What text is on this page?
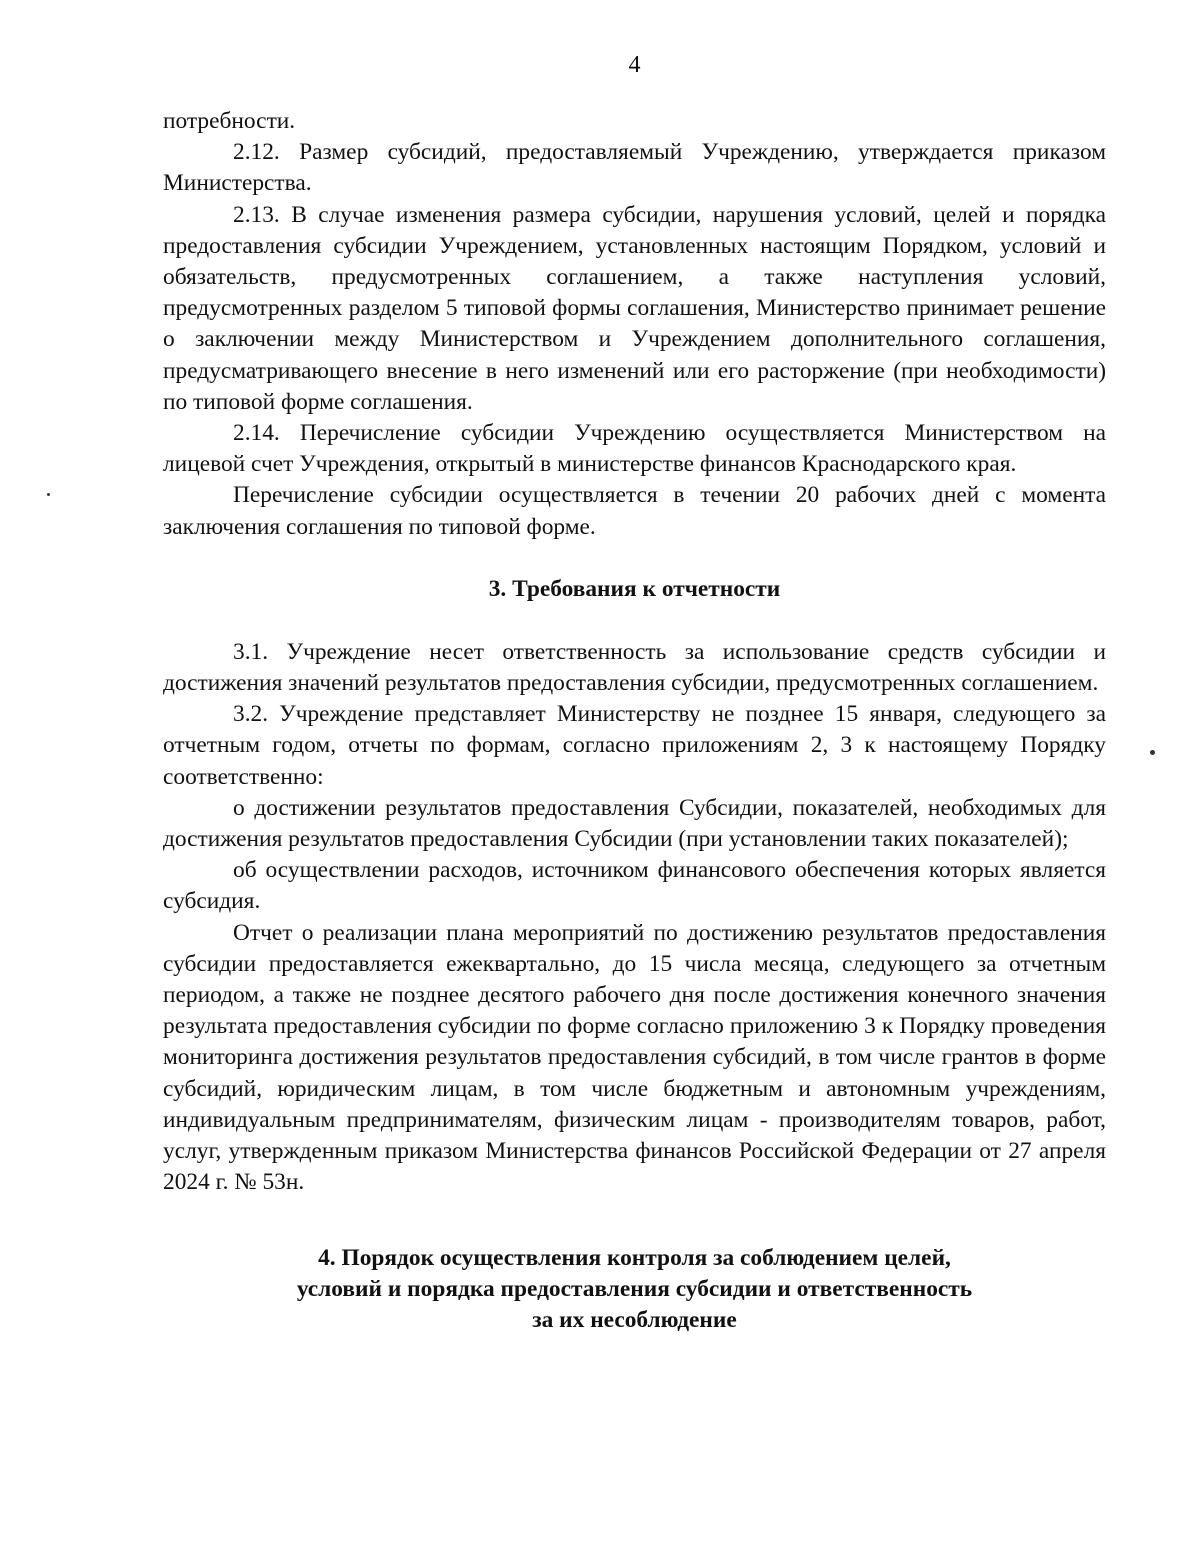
4

потребности.

2.12. Размер субсидий, предоставляемый Учреждению, утверждается приказом Министерства.

2.13. В случае изменения размера субсидии, нарушения условий, целей и порядка предоставления субсидии Учреждением, установленных настоящим Порядком, условий и обязательств, предусмотренных соглашением, а также наступления условий, предусмотренных разделом 5 типовой формы соглашения, Министерство принимает решение о заключении между Министерством и Учреждением дополнительного соглашения, предусматривающего внесение в него изменений или его расторжение (при необходимости) по типовой форме соглашения.

2.14. Перечисление субсидии Учреждению осуществляется Министерством на лицевой счет Учреждения, открытый в министерстве финансов Краснодарского края.

Перечисление субсидии осуществляется в течении 20 рабочих дней с момента заключения соглашения по типовой форме.

3. Требования к отчетности

3.1. Учреждение несет ответственность за использование средств субсидии и достижения значений результатов предоставления субсидии, предусмотренных соглашением.

3.2. Учреждение представляет Министерству не позднее 15 января, следующего за отчетным годом, отчеты по формам, согласно приложениям 2, 3 к настоящему Порядку соответственно:

о достижении результатов предоставления Субсидии, показателей, необходимых для достижения результатов предоставления Субсидии (при установлении таких показателей);

об осуществлении расходов, источником финансового обеспечения которых является субсидия.

Отчет о реализации плана мероприятий по достижению результатов предоставления субсидии предоставляется ежеквартально, до 15 числа месяца, следующего за отчетным периодом, а также не позднее десятого рабочего дня после достижения конечного значения результата предоставления субсидии по форме согласно приложению 3 к Порядку проведения мониторинга достижения результатов предоставления субсидий, в том числе грантов в форме субсидий, юридическим лицам, в том числе бюджетным и автономным учреждениям, индивидуальным предпринимателям, физическим лицам - производителям товаров, работ, услуг, утвержденным приказом Министерства финансов Российской Федерации от 27 апреля 2024 г. № 53н.

4. Порядок осуществления контроля за соблюдением целей,
условий и порядка предоставления субсидии и ответственность
за их несоблюдение
